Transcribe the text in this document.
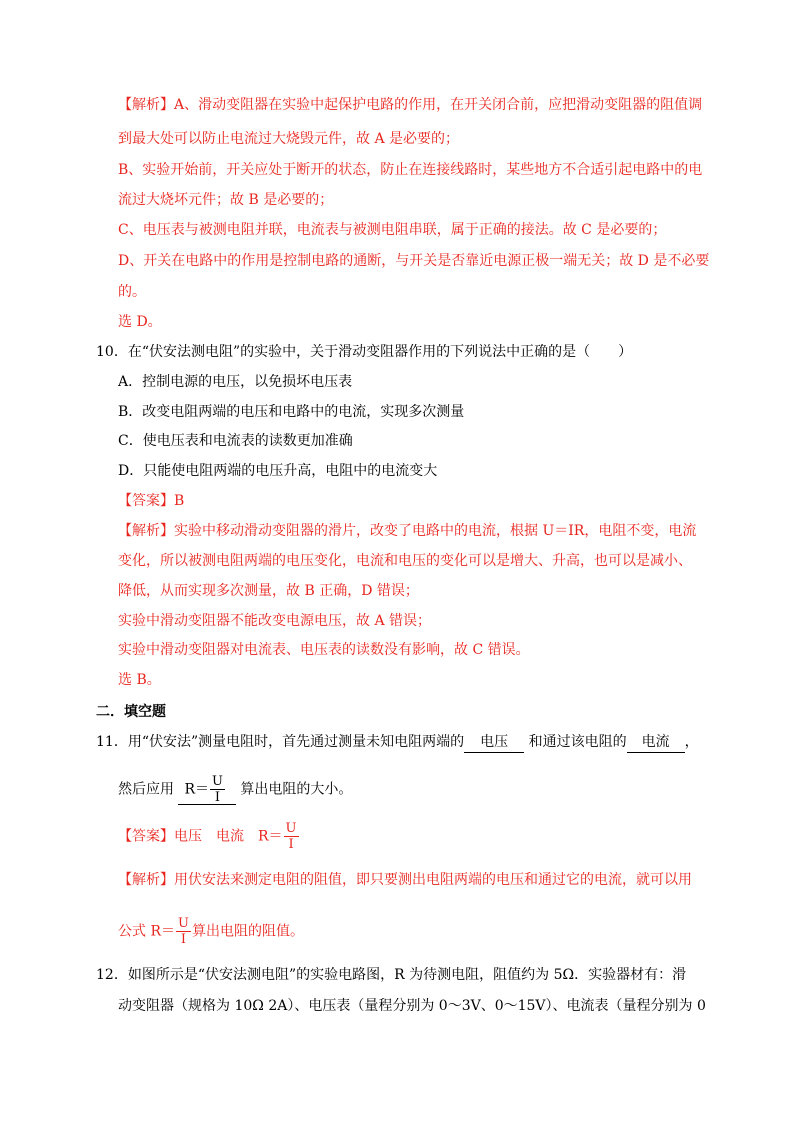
【解析】A、滑动变阻器在实验中起保护电路的作用，在开关闭合前，应把滑动变阻器的阻值调
到最大处可以防止电流过大烧毁元件，故 A 是必要的；
B、实验开始前，开关应处于断开的状态，防止在连接线路时，某些地方不合适引起电路中的电
流过大烧坏元件；故 B 是必要的；
C、电压表与被测电阻并联，电流表与被测电阻串联，属于正确的接法。故 C 是必要的；
D、开关在电路中的作用是控制电路的通断，与开关是否靠近电源正极一端无关；故 D 是不必要
的。
选 D。
10．在“伏安法测电阻”的实验中，关于滑动变阻器作用的下列说法中正确的是（　　）
A．控制电源的电压，以免损坏电压表
B．改变电阻两端的电压和电路中的电流，实现多次测量
C．使电压表和电流表的读数更加准确
D．只能使电阻两端的电压升高，电阻中的电流变大
【答案】B
【解析】实验中移动滑动变阻器的滑片，改变了电路中的电流，根据 U＝IR，电阻不变，电流
变化，所以被测电阻两端的电压变化，电流和电压的变化可以是增大、升高，也可以是减小、
降低，从而实现多次测量，故 B 正确，D 错误；
实验中滑动变阻器不能改变电源电压，故 A 错误；
实验中滑动变阻器对电流表、电压表的读数没有影响，故 C 错误。
选 B。
二．填空题
11．用“伏安法”测量电阻时，首先通过测量未知电阻两端的 电压 和通过该电阻的 电流 ，
然后应用 $R= \frac{U}{I}$ 算出电阻的大小。
【答案】电压　电流　$R= \frac{U}{I}$
【解析】用伏安法来测定电阻的阻值，即只要测出电阻两端的电压和通过它的电流，就可以用
公式 $R= \frac{U}{I}$ 算出电阻的阻值。
12．如图所示是“伏安法测电阻”的实验电路图，R 为待测电阻，阻值约为 5Ω．实验器材有：滑
动变阻器（规格为 10Ω 2A）、电压表（量程分别为 0～3V、0～15V）、电流表（量程分别为 0
